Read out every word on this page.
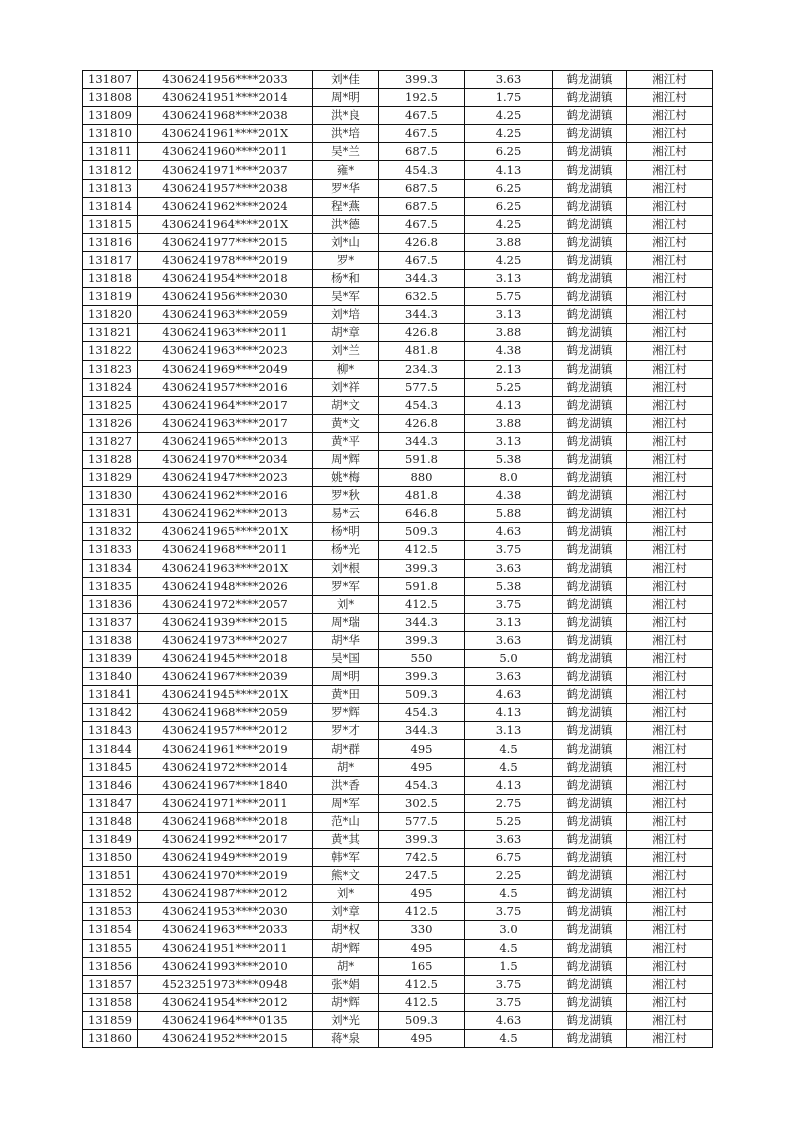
131807	4306241956****2033	刘*佳	399.3	3.63	鹤龙湖镇	湘江村
131808	4306241951****2014	周*明	192.5	1.75	鹤龙湖镇	湘江村
131809	4306241968****2038	洪*良	467.5	4.25	鹤龙湖镇	湘江村
131810	4306241961****201X	洪*培	467.5	4.25	鹤龙湖镇	湘江村
131811	4306241960****2011	吴*兰	687.5	6.25	鹤龙湖镇	湘江村
131812	4306241971****2037	雍*	454.3	4.13	鹤龙湖镇	湘江村
131813	4306241957****2038	罗*华	687.5	6.25	鹤龙湖镇	湘江村
131814	4306241962****2024	程*燕	687.5	6.25	鹤龙湖镇	湘江村
131815	4306241964****201X	洪*德	467.5	4.25	鹤龙湖镇	湘江村
131816	4306241977****2015	刘*山	426.8	3.88	鹤龙湖镇	湘江村
131817	4306241978****2019	罗*	467.5	4.25	鹤龙湖镇	湘江村
131818	4306241954****2018	杨*和	344.3	3.13	鹤龙湖镇	湘江村
131819	4306241956****2030	吴*军	632.5	5.75	鹤龙湖镇	湘江村
131820	4306241963****2059	刘*培	344.3	3.13	鹤龙湖镇	湘江村
131821	4306241963****2011	胡*章	426.8	3.88	鹤龙湖镇	湘江村
131822	4306241963****2023	刘*兰	481.8	4.38	鹤龙湖镇	湘江村
131823	4306241969****2049	柳*	234.3	2.13	鹤龙湖镇	湘江村
131824	4306241957****2016	刘*祥	577.5	5.25	鹤龙湖镇	湘江村
131825	4306241964****2017	胡*文	454.3	4.13	鹤龙湖镇	湘江村
131826	4306241963****2017	黄*文	426.8	3.88	鹤龙湖镇	湘江村
131827	4306241965****2013	黄*平	344.3	3.13	鹤龙湖镇	湘江村
131828	4306241970****2034	周*辉	591.8	5.38	鹤龙湖镇	湘江村
131829	4306241947****2023	姚*梅	880	8.0	鹤龙湖镇	湘江村
131830	4306241962****2016	罗*秋	481.8	4.38	鹤龙湖镇	湘江村
131831	4306241962****2013	易*云	646.8	5.88	鹤龙湖镇	湘江村
131832	4306241965****201X	杨*明	509.3	4.63	鹤龙湖镇	湘江村
131833	4306241968****2011	杨*光	412.5	3.75	鹤龙湖镇	湘江村
131834	4306241963****201X	刘*根	399.3	3.63	鹤龙湖镇	湘江村
131835	4306241948****2026	罗*军	591.8	5.38	鹤龙湖镇	湘江村
131836	4306241972****2057	刘*	412.5	3.75	鹤龙湖镇	湘江村
131837	4306241939****2015	周*瑞	344.3	3.13	鹤龙湖镇	湘江村
131838	4306241973****2027	胡*华	399.3	3.63	鹤龙湖镇	湘江村
131839	4306241945****2018	吴*国	550	5.0	鹤龙湖镇	湘江村
131840	4306241967****2039	周*明	399.3	3.63	鹤龙湖镇	湘江村
131841	4306241945****201X	黄*田	509.3	4.63	鹤龙湖镇	湘江村
131842	4306241968****2059	罗*辉	454.3	4.13	鹤龙湖镇	湘江村
131843	4306241957****2012	罗*才	344.3	3.13	鹤龙湖镇	湘江村
131844	4306241961****2019	胡*群	495	4.5	鹤龙湖镇	湘江村
131845	4306241972****2014	胡*	495	4.5	鹤龙湖镇	湘江村
131846	4306241967****1840	洪*香	454.3	4.13	鹤龙湖镇	湘江村
131847	4306241971****2011	周*军	302.5	2.75	鹤龙湖镇	湘江村
131848	4306241968****2018	范*山	577.5	5.25	鹤龙湖镇	湘江村
131849	4306241992****2017	黄*其	399.3	3.63	鹤龙湖镇	湘江村
131850	4306241949****2019	韩*军	742.5	6.75	鹤龙湖镇	湘江村
131851	4306241970****2019	熊*文	247.5	2.25	鹤龙湖镇	湘江村
131852	4306241987****2012	刘*	495	4.5	鹤龙湖镇	湘江村
131853	4306241953****2030	刘*章	412.5	3.75	鹤龙湖镇	湘江村
131854	4306241963****2033	胡*权	330	3.0	鹤龙湖镇	湘江村
131855	4306241951****2011	胡*辉	495	4.5	鹤龙湖镇	湘江村
131856	4306241993****2010	胡*	165	1.5	鹤龙湖镇	湘江村
131857	4523251973****0948	张*娟	412.5	3.75	鹤龙湖镇	湘江村
131858	4306241954****2012	胡*辉	412.5	3.75	鹤龙湖镇	湘江村
131859	4306241964****0135	刘*光	509.3	4.63	鹤龙湖镇	湘江村
131860	4306241952****2015	蒋*泉	495	4.5	鹤龙湖镇	湘江村
